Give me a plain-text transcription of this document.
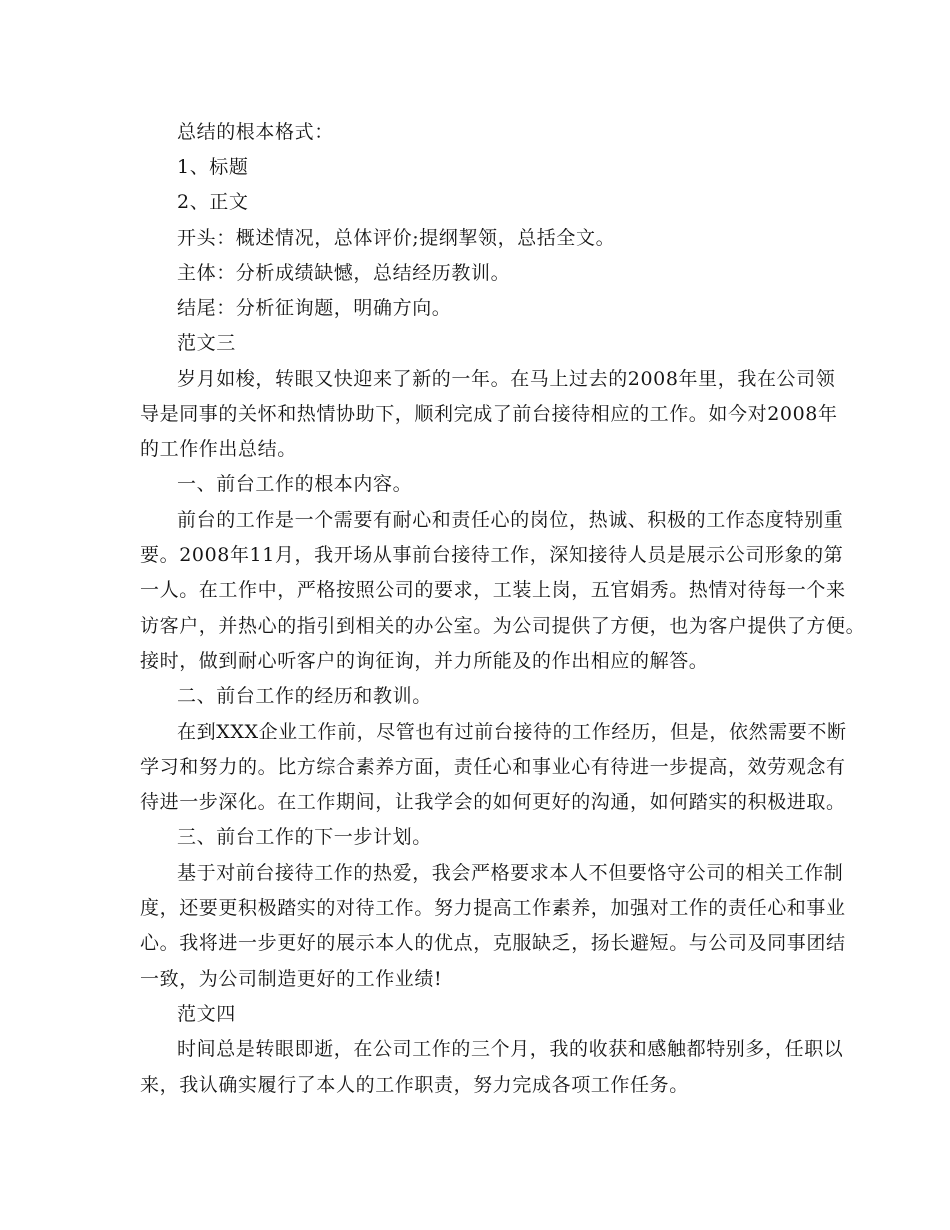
总结的根本格式：
1、标题
2、正文
开头：概述情况，总体评价;提纲挈领，总括全文。
主体：分析成绩缺憾，总结经历教训。
结尾：分析征询题，明确方向。
范文三
岁月如梭，转眼又快迎来了新的一年。在马上过去的2008年里，我在公司领
导是同事的关怀和热情协助下，顺利完成了前台接待相应的工作。如今对2008年
的工作作出总结。
一、前台工作的根本内容。
前台的工作是一个需要有耐心和责任心的岗位，热诚、积极的工作态度特别重
要。2008年11月，我开场从事前台接待工作，深知接待人员是展示公司形象的第
一人。在工作中，严格按照公司的要求，工装上岗，五官娟秀。热情对待每一个来
访客户，并热心的指引到相关的办公室。为公司提供了方便，也为客户提供了方便。
接时，做到耐心听客户的询征询，并力所能及的作出相应的解答。
二、前台工作的经历和教训。
在到XXX企业工作前，尽管也有过前台接待的工作经历，但是，依然需要不断
学习和努力的。比方综合素养方面，责任心和事业心有待进一步提高，效劳观念有
待进一步深化。在工作期间，让我学会的如何更好的沟通，如何踏实的积极进取。
三、前台工作的下一步计划。
基于对前台接待工作的热爱，我会严格要求本人不但要恪守公司的相关工作制
度，还要更积极踏实的对待工作。努力提高工作素养，加强对工作的责任心和事业
心。我将进一步更好的展示本人的优点，克服缺乏，扬长避短。与公司及同事团结
一致，为公司制造更好的工作业绩!
范文四
时间总是转眼即逝，在公司工作的三个月，我的收获和感触都特别多，任职以
来，我认确实履行了本人的工作职责，努力完成各项工作任务。
